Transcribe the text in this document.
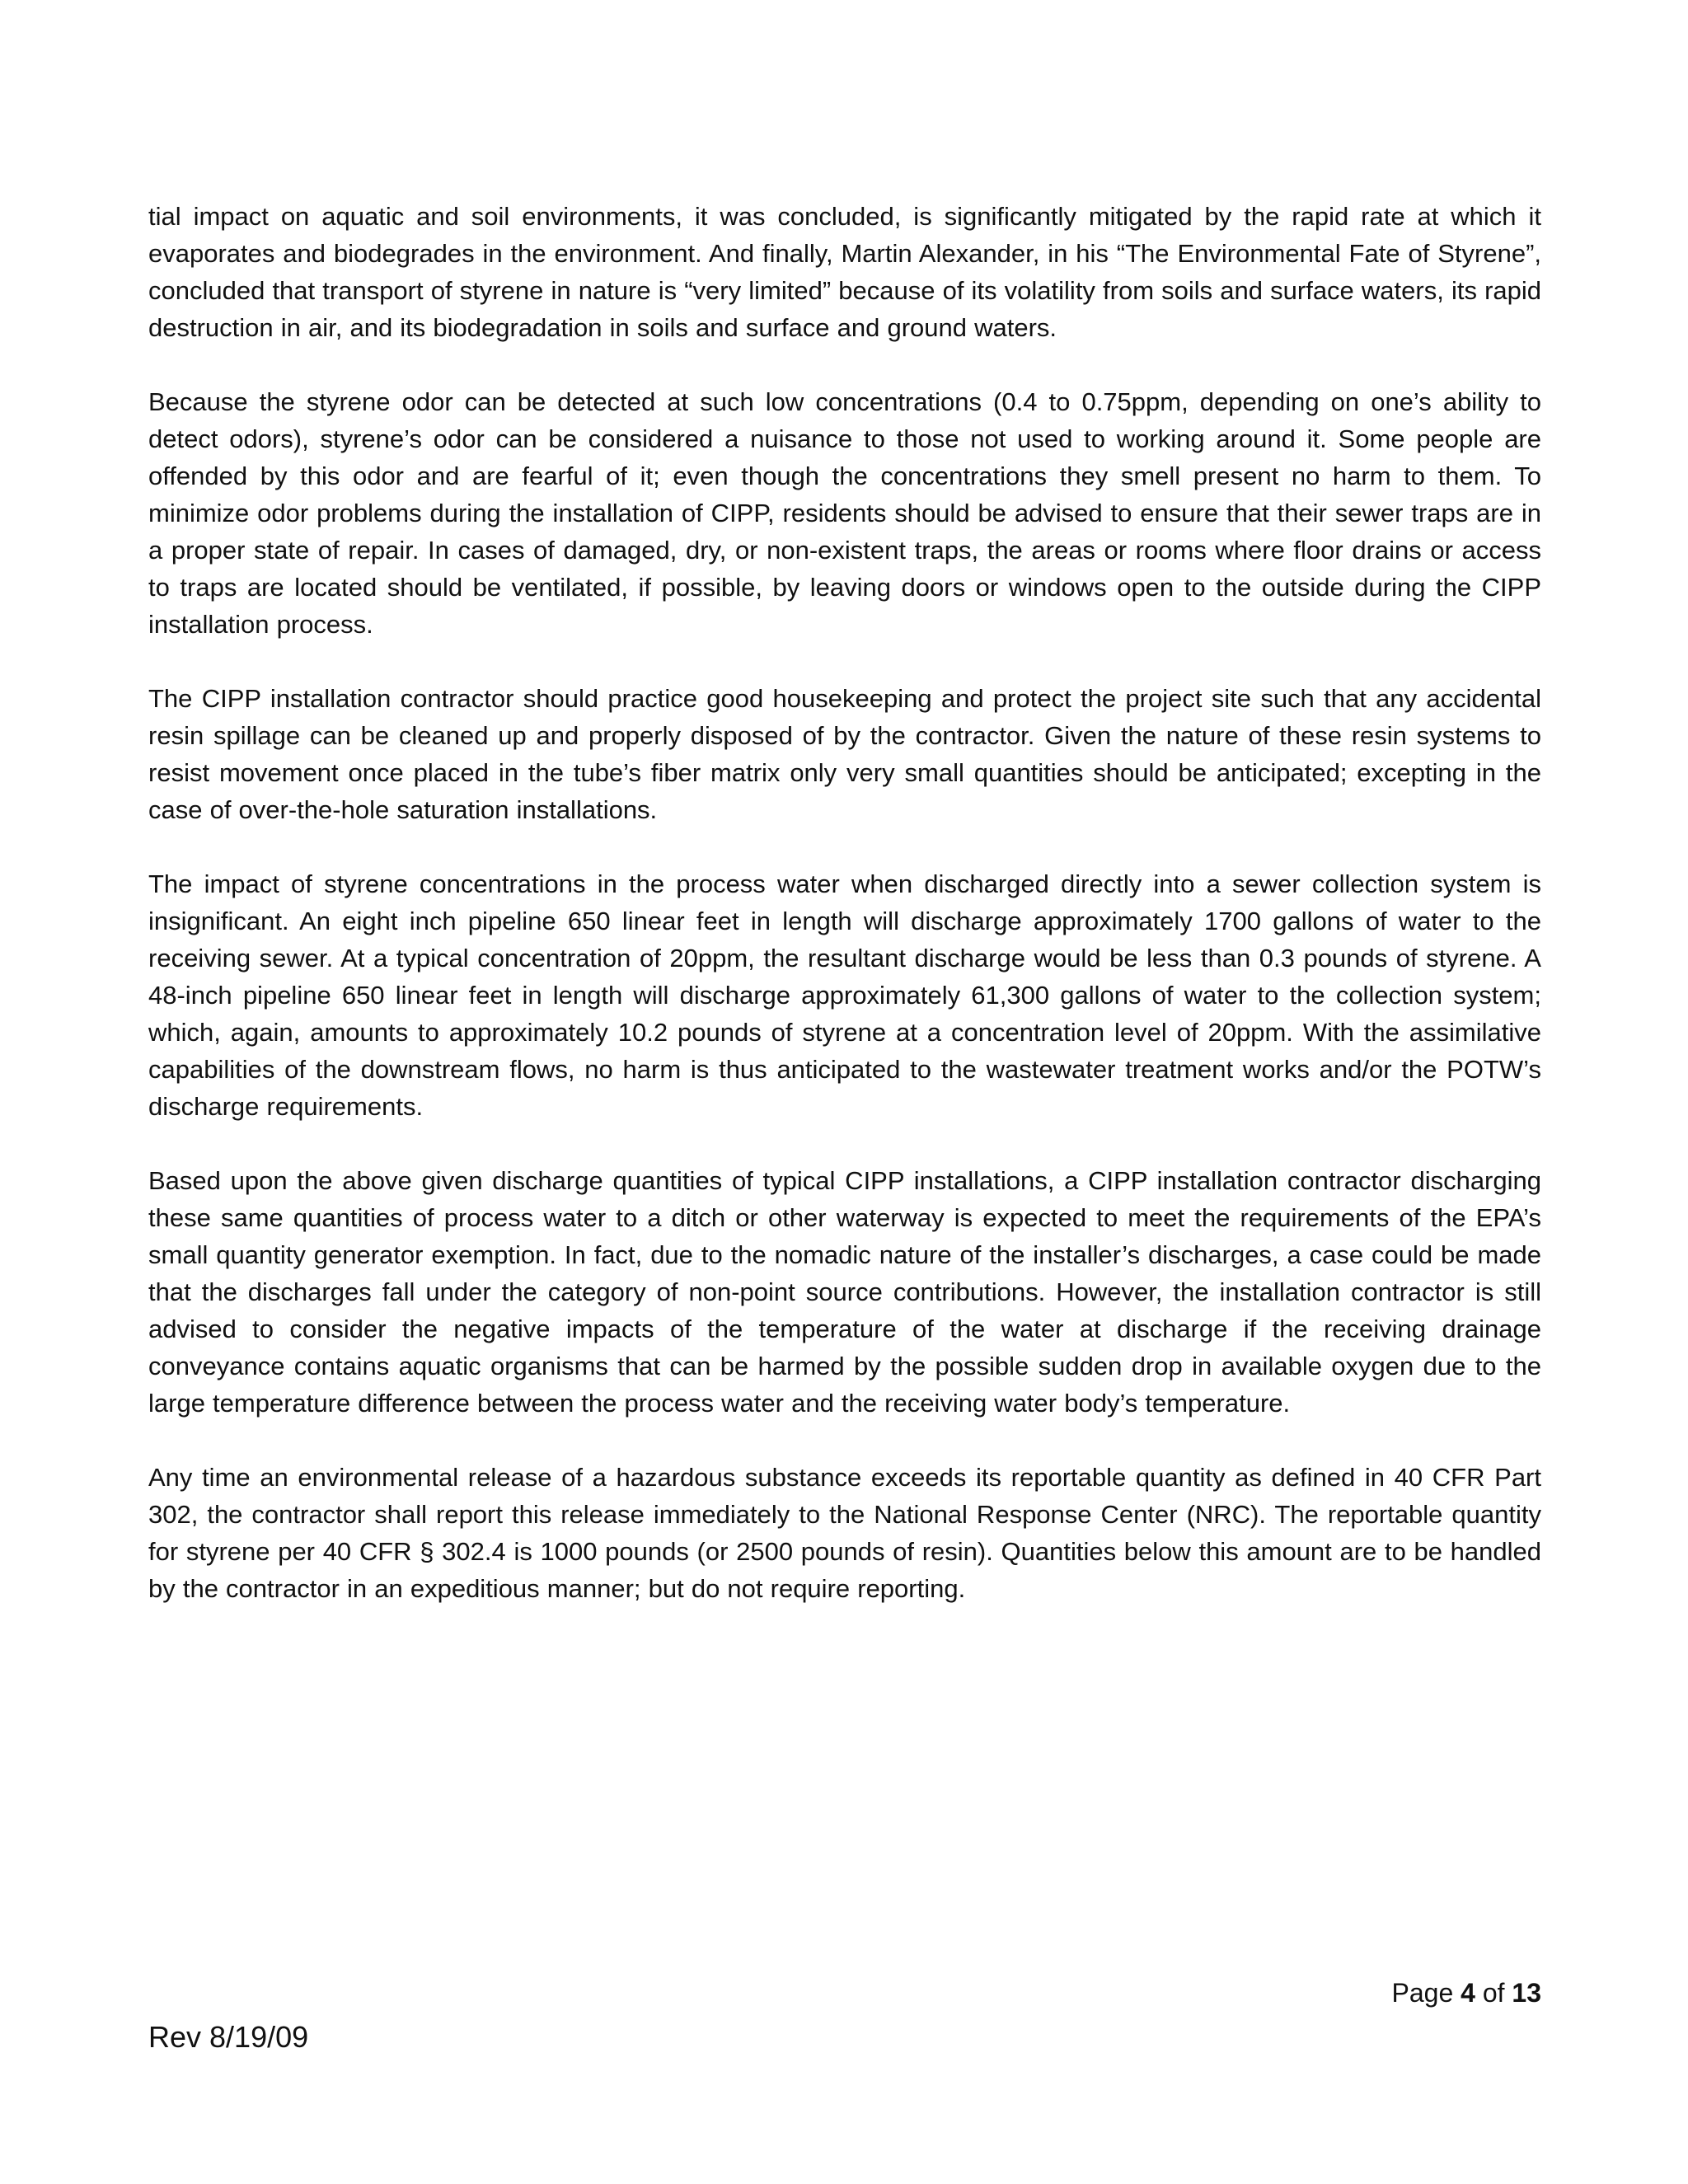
tial impact on aquatic and soil environments, it was concluded, is significantly mitigated by the rapid rate at which it evaporates and biodegrades in the environment. And finally, Martin Alexander, in his “The Environmental Fate of Styrene”, concluded that transport of styrene in nature is “very limited” because of its volatility from soils and surface waters, its rapid destruction in air, and its biodegradation in soils and surface and ground waters.

Because the styrene odor can be detected at such low concentrations (0.4 to 0.75ppm, depending on one’s ability to detect odors), styrene’s odor can be considered a nuisance to those not used to working around it. Some people are offended by this odor and are fearful of it; even though the concentrations they smell present no harm to them. To minimize odor problems during the installation of CIPP, residents should be advised to ensure that their sewer traps are in a proper state of repair. In cases of damaged, dry, or non-existent traps, the areas or rooms where floor drains or access to traps are located should be ventilated, if possible, by leaving doors or windows open to the outside during the CIPP installation process.

The CIPP installation contractor should practice good housekeeping and protect the project site such that any accidental resin spillage can be cleaned up and properly disposed of by the contractor. Given the nature of these resin systems to resist movement once placed in the tube’s fiber matrix only very small quantities should be anticipated; excepting in the case of over-the-hole saturation installations.

The impact of styrene concentrations in the process water when discharged directly into a sewer collection system is insignificant. An eight inch pipeline 650 linear feet in length will discharge approximately 1700 gallons of water to the receiving sewer. At a typical concentration of 20ppm, the resultant discharge would be less than 0.3 pounds of styrene. A 48-inch pipeline 650 linear feet in length will discharge approximately 61,300 gallons of water to the collection system; which, again, amounts to approximately 10.2 pounds of styrene at a concentration level of 20ppm. With the assimilative capabilities of the downstream flows, no harm is thus anticipated to the wastewater treatment works and/or the POTW’s discharge requirements.

Based upon the above given discharge quantities of typical CIPP installations, a CIPP installation contractor discharging these same quantities of process water to a ditch or other waterway is expected to meet the requirements of the EPA’s small quantity generator exemption. In fact, due to the nomadic nature of the installer’s discharges, a case could be made that the discharges fall under the category of non-point source contributions. However, the installation contractor is still advised to consider the negative impacts of the temperature of the water at discharge if the receiving drainage conveyance contains aquatic organisms that can be harmed by the possible sudden drop in available oxygen due to the large temperature difference between the process water and the receiving water body’s temperature.

Any time an environmental release of a hazardous substance exceeds its reportable quantity as defined in 40 CFR Part 302, the contractor shall report this release immediately to the National Response Center (NRC). The reportable quantity for styrene per 40 CFR § 302.4 is 1000 pounds (or 2500 pounds of resin). Quantities below this amount are to be handled by the contractor in an expeditious manner; but do not require reporting.

Page 4 of 13
Rev 8/19/09
